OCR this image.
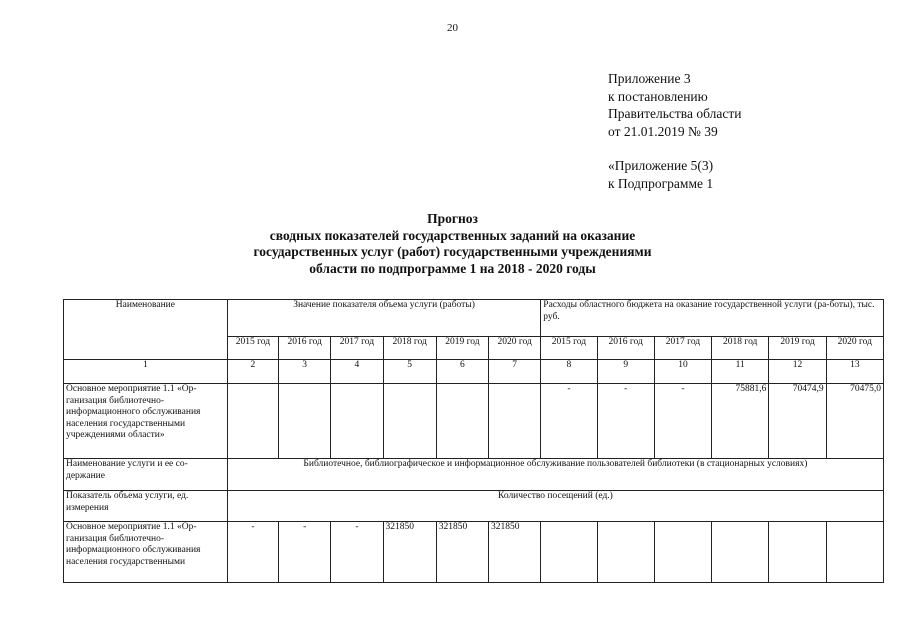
20

Приложение 3

к постановлению

Правительства области

от 21.01.2019 № 39

«Приложение 5(3)

к Подпрограмме 1

Прогноз

сводных показателей государственных заданий на оказание

государственных услуг (работ) государственными учреждениями

области по подпрограмме 1 на 2018 - 2020 годы

Наименование	Значение показателя объема услуги (работы)						Расходы областного бюджета на оказание государственной услуги (ра-боты), тыс. руб.					
	2015 год	2016 год	2017 год	2018 год	2019 год	2020 год	2015 год	2016 год	2017 год	2018 год	2019 год	2020 год
1	2	3	4	5	6	7	8	9	10	11	12	13
Основное мероприятие 1.1 «Ор-ганизация библиотечно-информационного обслуживания населения государственными учреждениями области»							-	-	-	75881,6	70474,9	70475,0
Наименование услуги и ее со-держание	Библиотечное, библиографическое и информационное обслуживание пользователей библиотеки (в стационарных условиях)											
Показатель объема услуги, ед. измерения	Количество посещений (ед.)											
Основное мероприятие 1.1 «Ор-ганизация библиотечно-информационного обслуживания населения государственными	-	-	-	321850	321850	321850						
